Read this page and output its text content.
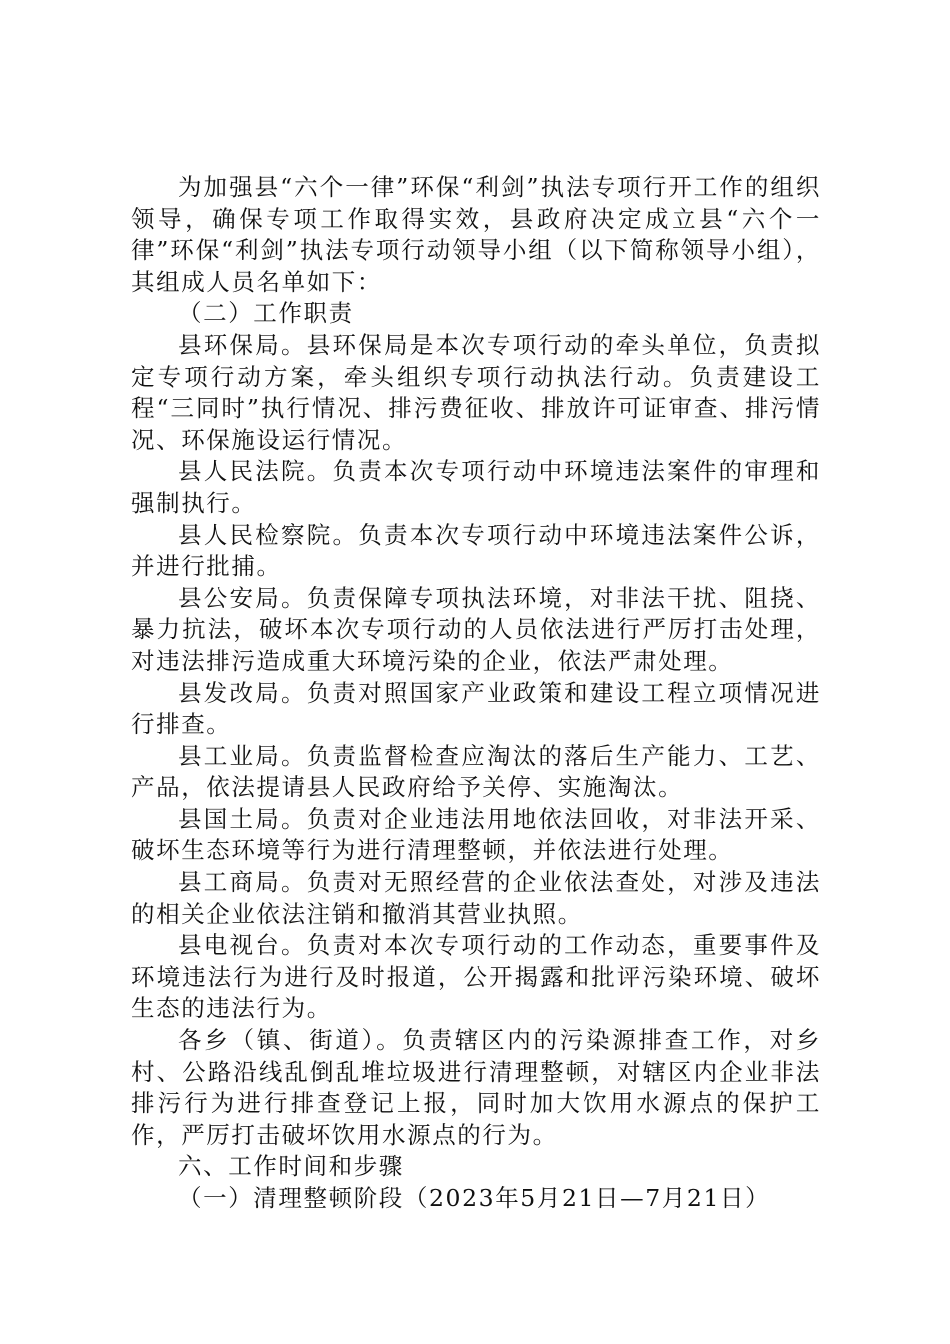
为加强县“六个一律”环保“利剑”执法专项行开工作的组织领导，确保专项工作取得实效，县政府决定成立县“六个一律”环保“利剑”执法专项行动领导小组（以下简称领导小组），其组成人员名单如下：

（二）工作职责

县环保局。县环保局是本次专项行动的牵头单位，负责拟定专项行动方案，牵头组织专项行动执法行动。负责建设工程“三同时”执行情况、排污费征收、排放许可证审查、排污情况、环保施设运行情况。

县人民法院。负责本次专项行动中环境违法案件的审理和强制执行。

县人民检察院。负责本次专项行动中环境违法案件公诉，并进行批捕。

县公安局。负责保障专项执法环境，对非法干扰、阻挠、暴力抗法，破坏本次专项行动的人员依法进行严厉打击处理，对违法排污造成重大环境污染的企业，依法严肃处理。

县发改局。负责对照国家产业政策和建设工程立项情况进行排查。

县工业局。负责监督检查应淘汰的落后生产能力、工艺、产品，依法提请县人民政府给予关停、实施淘汰。

县国土局。负责对企业违法用地依法回收，对非法开采、破坏生态环境等行为进行清理整顿，并依法进行处理。

县工商局。负责对无照经营的企业依法查处，对涉及违法的相关企业依法注销和撤消其营业执照。

县电视台。负责对本次专项行动的工作动态，重要事件及环境违法行为进行及时报道，公开揭露和批评污染环境、破坏生态的违法行为。

各乡（镇、街道）。负责辖区内的污染源排查工作，对乡村、公路沿线乱倒乱堆垃圾进行清理整顿，对辖区内企业非法排污行为进行排查登记上报，同时加大饮用水源点的保护工作，严厉打击破坏饮用水源点的行为。

六、工作时间和步骤

（一）清理整顿阶段（2023年5月21日—7月21日）
